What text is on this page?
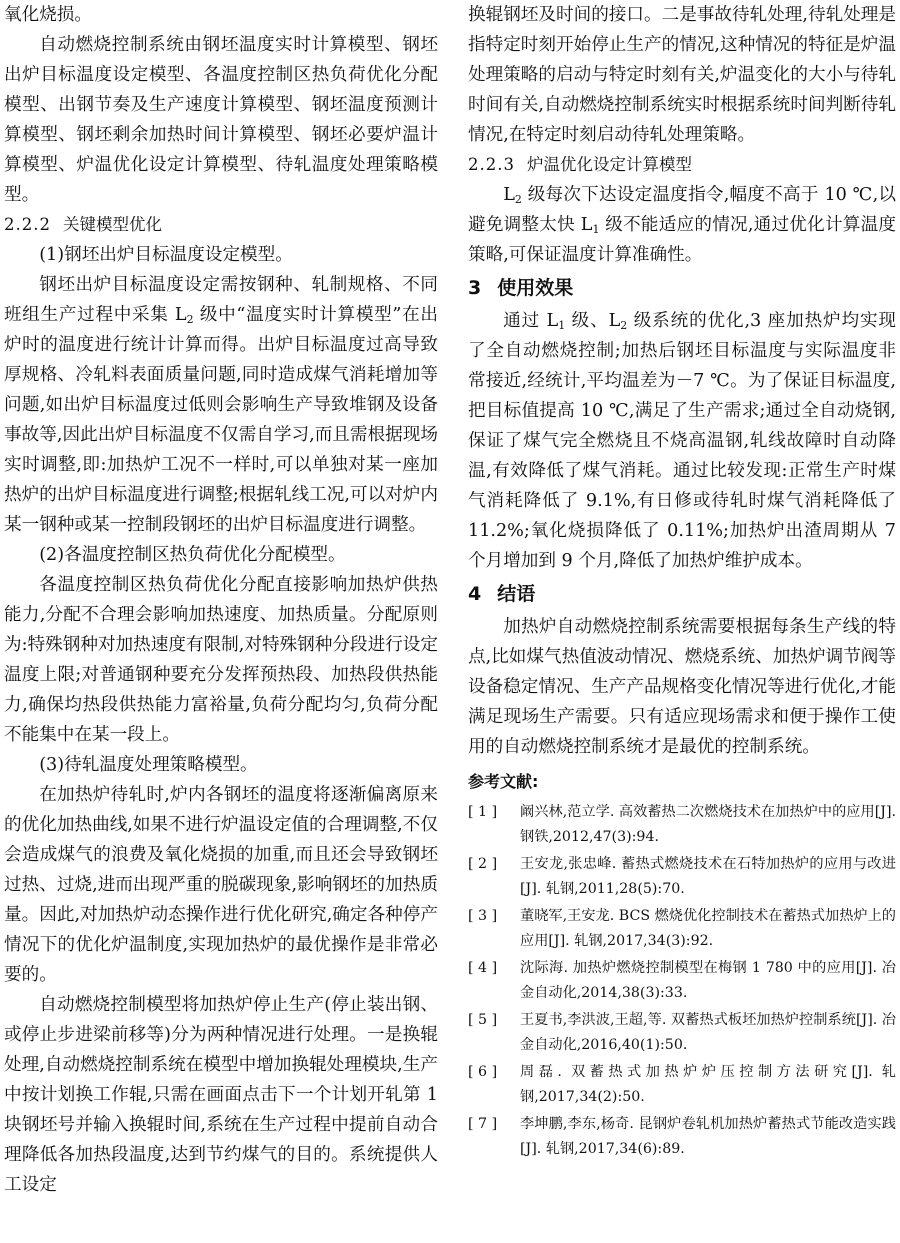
氧化烧损。

自动燃烧控制系统由钢坯温度实时计算模型、钢坯出炉目标温度设定模型、各温度控制区热负荷优化分配模型、出钢节奏及生产速度计算模型、钢坯温度预测计算模型、钢坯剩余加热时间计算模型、钢坯必要炉温计算模型、炉温优化设定计算模型、待轧温度处理策略模型。

2.2.2 关键模型优化

(1)钢坯出炉目标温度设定模型。

钢坯出炉目标温度设定需按钢种、轧制规格、不同班组生产过程中采集 $L_2$ 级中“温度实时计算模型”在出炉时的温度进行统计计算而得。出炉目标温度过高导致厚规格、冷轧料表面质量问题,同时造成煤气消耗增加等问题,如出炉目标温度过低则会影响生产导致堆钢及设备事故等,因此出炉目标温度不仅需自学习,而且需根据现场实时调整,即:加热炉工况不一样时,可以单独对某一座加热炉的出炉目标温度进行调整;根据轧线工况,可以对炉内某一钢种或某一控制段钢坯的出炉目标温度进行调整。

(2)各温度控制区热负荷优化分配模型。

各温度控制区热负荷优化分配直接影响加热炉供热能力,分配不合理会影响加热速度、加热质量。分配原则为:特殊钢种对加热速度有限制,对特殊钢种分段进行设定温度上限;对普通钢种要充分发挥预热段、加热段供热能力,确保均热段供热能力富裕量,负荷分配均匀,负荷分配不能集中在某一段上。

(3)待轧温度处理策略模型。

在加热炉待轧时,炉内各钢坯的温度将逐渐偏离原来的优化加热曲线,如果不进行炉温设定值的合理调整,不仅会造成煤气的浪费及氧化烧损的加重,而且还会导致钢坯过热、过烧,进而出现严重的脱碳现象,影响钢坯的加热质量。因此,对加热炉动态操作进行优化研究,确定各种停产情况下的优化炉温制度,实现加热炉的最优操作是非常必要的。

自动燃烧控制模型将加热炉停止生产(停止装出钢、或停止步进梁前移等)分为两种情况进行处理。一是换辊处理,自动燃烧控制系统在模型中增加换辊处理模块,生产中按计划换工作辊,只需在画面点击下一个计划开轧第 1 块钢坯号并输入换辊时间,系统在生产过程中提前自动合理降低各加热段温度,达到节约煤气的目的。系统提供人工设定

换辊钢坯及时间的接口。二是事故待轧处理,待轧处理是指特定时刻开始停止生产的情况,这种情况的特征是炉温处理策略的启动与特定时刻有关,炉温变化的大小与待轧时间有关,自动燃烧控制系统实时根据系统时间判断待轧情况,在特定时刻启动待轧处理策略。

2.2.3 炉温优化设定计算模型

$L_2$ 级每次下达设定温度指令,幅度不高于 10 ℃,以避免调整太快 $L_1$ 级不能适应的情况,通过优化计算温度策略,可保证温度计算准确性。

3 使用效果

通过 $L_1$ 级、$L_2$ 级系统的优化,3 座加热炉均实现了全自动燃烧控制;加热后钢坯目标温度与实际温度非常接近,经统计,平均温差为－7 ℃。为了保证目标温度,把目标值提高 10 ℃,满足了生产需求;通过全自动烧钢,保证了煤气完全燃烧且不烧高温钢,轧线故障时自动降温,有效降低了煤气消耗。通过比较发现:正常生产时煤气消耗降低了 9.1%,有日修或待轧时煤气消耗降低了 11.2%;氧化烧损降低了 0.11%;加热炉出渣周期从 7 个月增加到 9 个月,降低了加热炉维护成本。

4 结语

加热炉自动燃烧控制系统需要根据每条生产线的特点,比如煤气热值波动情况、燃烧系统、加热炉调节阀等设备稳定情况、生产产品规格变化情况等进行优化,才能满足现场生产需要。只有适应现场需求和便于操作工使用的自动燃烧控制系统才是最优的控制系统。

参考文献:
[ 1 ] 阚兴林,范立学. 高效蓄热二次燃烧技术在加热炉中的应用[J]. 钢铁,2012,47(3):94.
[ 2 ] 王安龙,张忠峰. 蓄热式燃烧技术在石特加热炉的应用与改进[J]. 轧钢,2011,28(5):70.
[ 3 ] 董晓军,王安龙. BCS 燃烧优化控制技术在蓄热式加热炉上的应用[J]. 轧钢,2017,34(3):92.
[ 4 ] 沈际海. 加热炉燃烧控制模型在梅钢 1 780 中的应用[J]. 冶金自动化,2014,38(3):33.
[ 5 ] 王夏书,李洪波,王超,等. 双蓄热式板坯加热炉控制系统[J]. 冶金自动化,2016,40(1):50.
[ 6 ] 周磊. 双蓄热式加热炉炉压控制方法研究[J]. 轧钢,2017,34(2):50.
[ 7 ] 李坤鹏,李东,杨奇. 昆钢炉卷轧机加热炉蓄热式节能改造实践[J]. 轧钢,2017,34(6):89.
